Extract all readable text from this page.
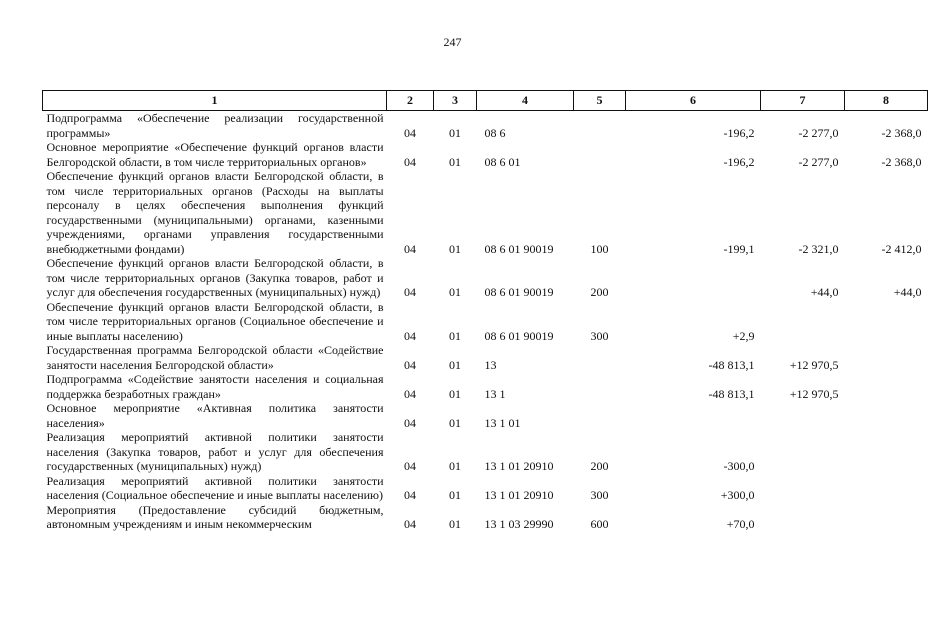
247
1	2	3	4	5	6	7	8
Подпрограмма «Обеспечение реализации государственной программы»	04	01	08 6		-196,2	-2 277,0	-2 368,0
Основное мероприятие «Обеспечение функций органов власти Белгородской области, в том числе территориальных органов»	04	01	08 6 01		-196,2	-2 277,0	-2 368,0
Обеспечение функций органов власти Белгородской области, в том числе территориальных органов (Расходы на выплаты персоналу в целях обеспечения выполнения функций государственными (муниципальными) органами, казенными учреждениями, органами управления государственными внебюджетными фондами)	04	01	08 6 01 90019	100	-199,1	-2 321,0	-2 412,0
Обеспечение функций органов власти Белгородской области, в том числе территориальных органов (Закупка товаров, работ и услуг для обеспечения государственных (муниципальных) нужд)	04	01	08 6 01 90019	200		+44,0	+44,0
Обеспечение функций органов власти Белгородской области, в том числе территориальных органов (Социальное обеспечение и иные выплаты населению)	04	01	08 6 01 90019	300	+2,9		
Государственная программа Белгородской области «Содействие занятости населения Белгородской области»	04	01	13		-48 813,1	+12 970,5	
Подпрограмма «Содействие занятости населения и социальная поддержка безработных граждан»	04	01	13 1		-48 813,1	+12 970,5	
Основное мероприятие «Активная политика занятости населения»	04	01	13 1 01				
Реализация мероприятий активной политики занятости населения (Закупка товаров, работ и услуг для обеспечения государственных (муниципальных) нужд)	04	01	13 1 01 20910	200	-300,0		
Реализация мероприятий активной политики занятости населения (Социальное обеспечение и иные выплаты населению)	04	01	13 1 01 20910	300	+300,0		
Мероприятия (Предоставление субсидий бюджетным, автономным учреждениям и иным некоммерческим	04	01	13 1 03 29990	600	+70,0		
